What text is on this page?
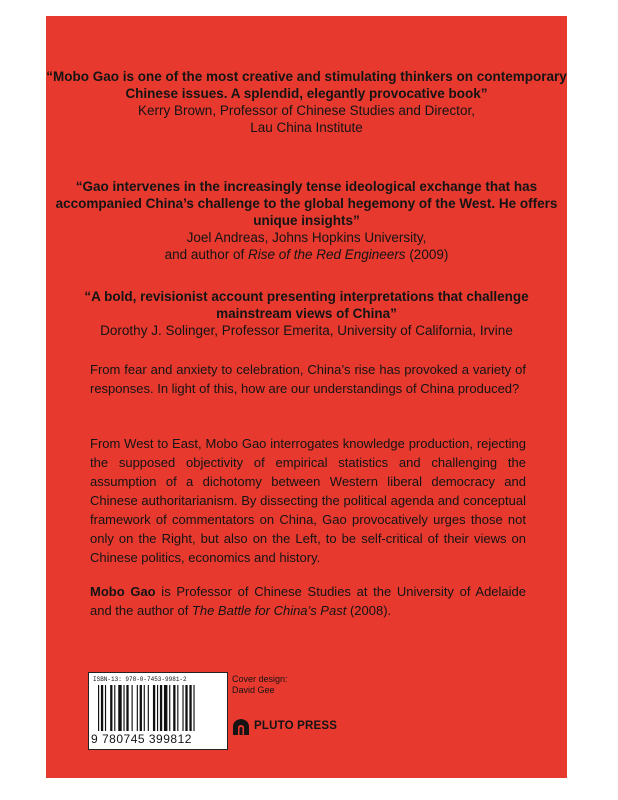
“Mobo Gao is one of the most creative and stimulating thinkers on contemporary Chinese issues. A splendid, elegantly provocative book”
Kerry Brown, Professor of Chinese Studies and Director,
Lau China Institute
“Gao intervenes in the increasingly tense ideological exchange that has accompanied China’s challenge to the global hegemony of the West. He offers unique insights”
Joel Andreas, Johns Hopkins University,
and author of Rise of the Red Engineers (2009)
“A bold, revisionist account presenting interpretations that challenge mainstream views of China”
Dorothy J. Solinger, Professor Emerita, University of California, Irvine

From fear and anxiety to celebration, China’s rise has provoked a variety of responses. In light of this, how are our understandings of China produced?

From West to East, Mobo Gao interrogates knowledge production, rejecting the supposed objectivity of empirical statistics and challenging the assumption of a dichotomy between Western liberal democracy and Chinese authoritarianism. By dissecting the political agenda and conceptual framework of commentators on China, Gao provocatively urges those not only on the Right, but also on the Left, to be self-critical of their views on Chinese politics, economics and history.

Mobo Gao is Professor of Chinese Studies at the University of Adelaide and the author of The Battle for China’s Past (2008).

ISBN-13: 978-0-7453-9981-2
9 780745 399812
Cover design:
David Gee
PLUTO PRESS
